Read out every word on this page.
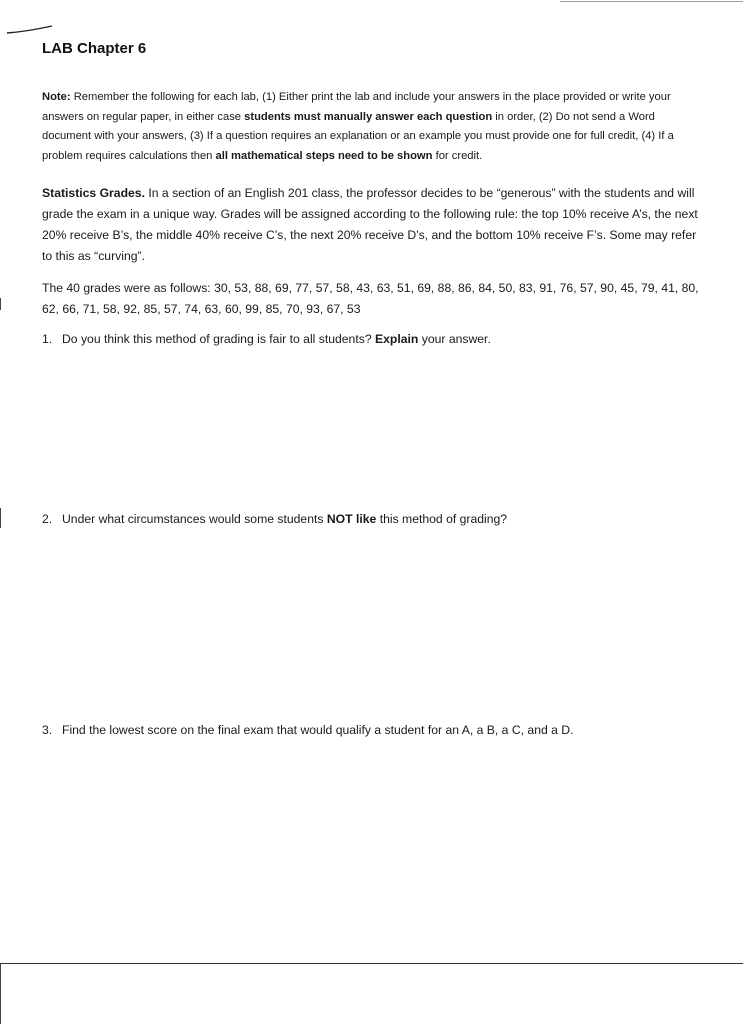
LAB Chapter 6
Note: Remember the following for each lab, (1) Either print the lab and include your answers in the place provided or write your answers on regular paper, in either case students must manually answer each question in order, (2) Do not send a Word document with your answers, (3) If a question requires an explanation or an example you must provide one for full credit, (4) If a problem requires calculations then all mathematical steps need to be shown for credit.
Statistics Grades. In a section of an English 201 class, the professor decides to be “generous” with the students and will grade the exam in a unique way. Grades will be assigned according to the following rule: the top 10% receive A’s, the next 20% receive B’s, the middle 40% receive C’s, the next 20% receive D’s, and the bottom 10% receive F’s. Some may refer to this as “curving”.
The 40 grades were as follows: 30, 53, 88, 69, 77, 57, 58, 43, 63, 51, 69, 88, 86, 84, 50, 83, 91, 76, 57, 90, 45, 79, 41, 80, 62, 66, 71, 58, 92, 85, 57, 74, 63, 60, 99, 85, 70, 93, 67, 53
1. Do you think this method of grading is fair to all students? Explain your answer.
2. Under what circumstances would some students NOT like this method of grading?
3. Find the lowest score on the final exam that would qualify a student for an A, a B, a C, and a D.
